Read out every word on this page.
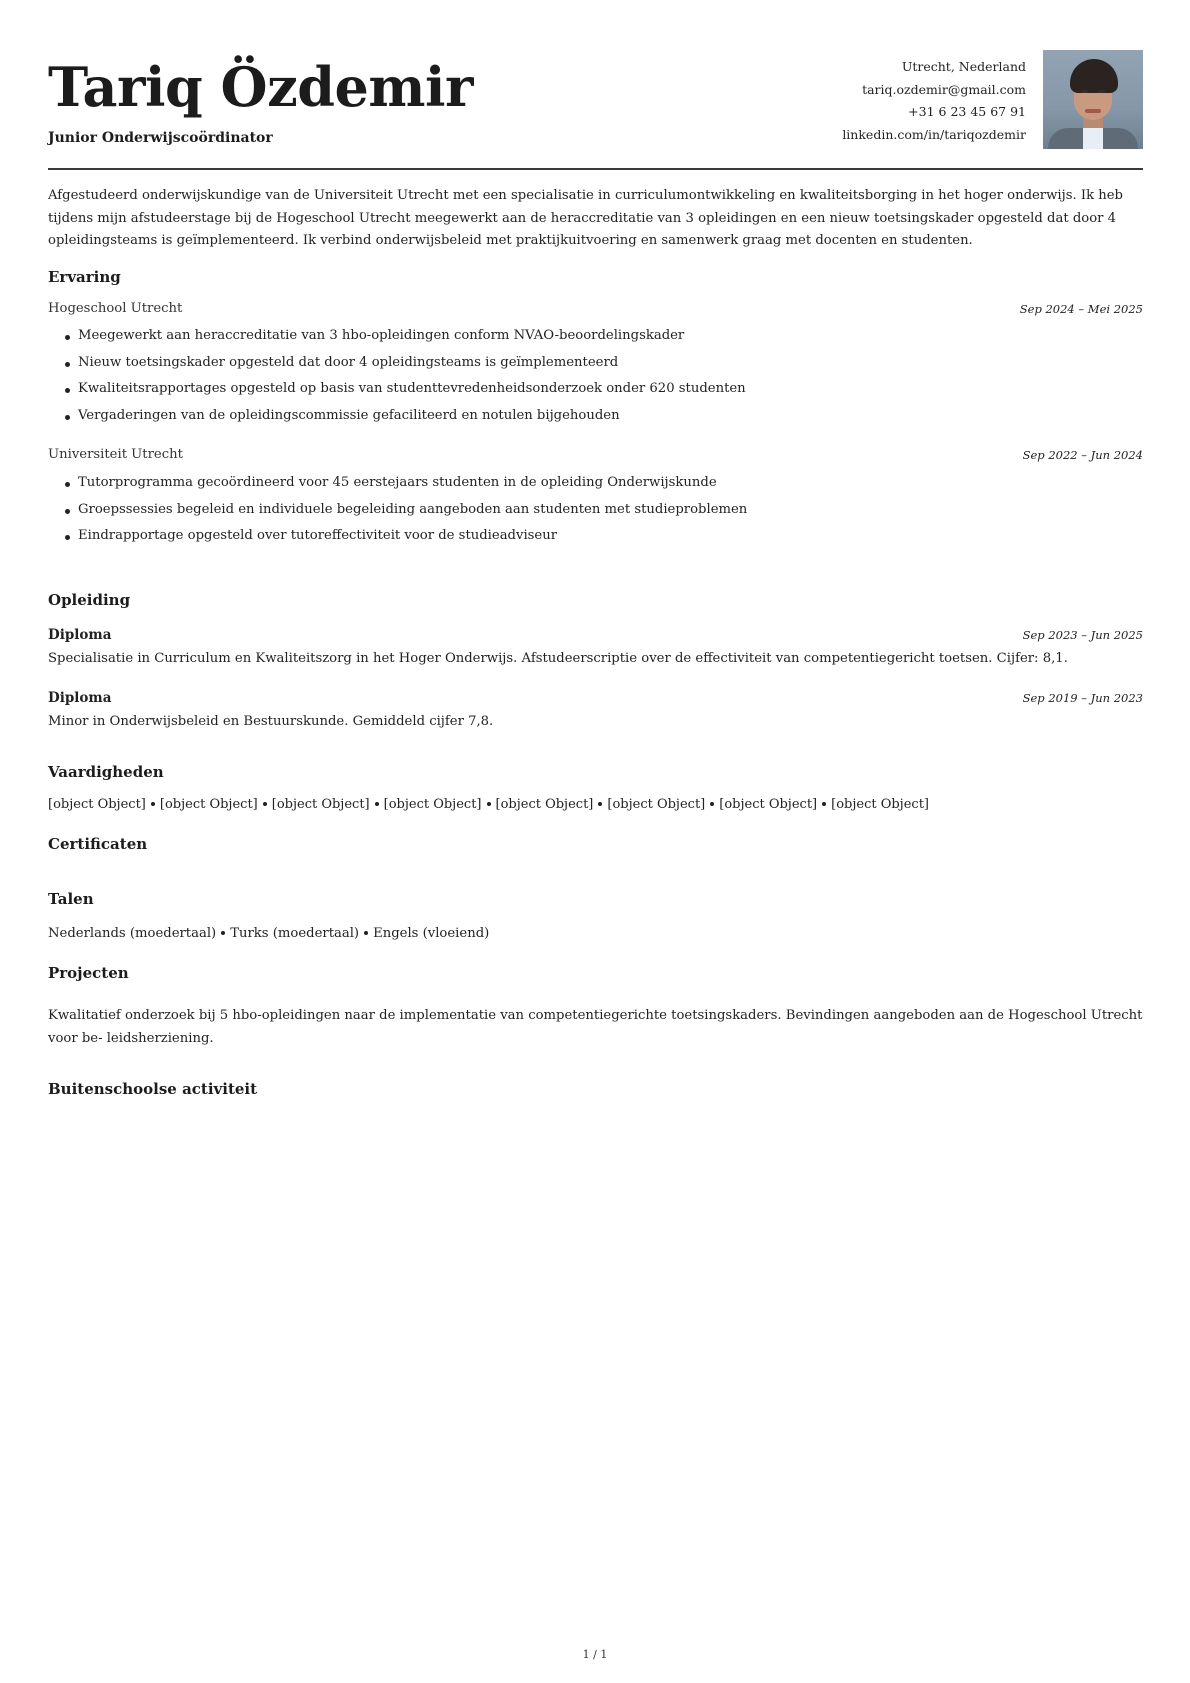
Tariq Özdemir

Junior Onderwijscoördinator

Utrecht, Nederland
tariq.ozdemir@gmail.com
+31 6 23 45 67 91
linkedin.com/in/tariqozdemir

Afgestudeerd onderwijskundige van de Universiteit Utrecht met een specialisatie in curriculumontwikkeling en kwaliteitsborging in het hoger onderwijs. Ik heb tijdens mijn afstudeerstage bij de Hogeschool Utrecht meegewerkt aan de heraccreditatie van 3 opleidingen en een nieuw toetsingskader opgesteld dat door 4 opleidingsteams is geïmplementeerd. Ik verbind onderwijsbeleid met praktijkuitvoering en samenwerk graag met docenten en studenten.

Ervaring
Hogeschool Utrecht	Sep 2024 – Mei 2025
Meegewerkt aan heraccreditatie van 3 hbo-opleidingen conform NVAO-beoordelingskader
Nieuw toetsingskader opgesteld dat door 4 opleidingsteams is geïmplementeerd
Kwaliteitsrapportages opgesteld op basis van studenttevredenheidsonderzoek onder 620 studenten
Vergaderingen van de opleidingscommissie gefaciliteerd en notulen bijgehouden
Universiteit Utrecht	Sep 2022 – Jun 2024
Tutorprogramma gecoördineerd voor 45 eerstejaars studenten in de opleiding Onderwijskunde
Groepssessies begeleid en individuele begeleiding aangeboden aan studenten met studieproblemen
Eindrapportage opgesteld over tutoreffectiviteit voor de studieadviseur
Opleiding
Diploma	Sep 2023 – Jun 2025
Specialisatie in Curriculum en Kwaliteitszorg in het Hoger Onderwijs. Afstudeerscriptie over de effectiviteit van competentiegericht toetsen. Cijfer: 8,1.
Diploma	Sep 2019 – Jun 2023
Minor in Onderwijsbeleid en Bestuurskunde. Gemiddeld cijfer 7,8.
Vaardigheden
[object Object] [object Object] [object Object] [object Object] [object Object] [object Object] [object Object] [object Object]
Certificaten
Talen
Nederlands (moedertaal) Turks (moedertaal) Engels (vloeiend)
Projecten
Kwalitatief onderzoek bij 5 hbo-opleidingen naar de implementatie van competentiegerichte toetsingskaders. Bevindingen aangeboden aan de Hogeschool Utrecht voor be- leidsherziening.
Buitenschoolse activiteit
1 / 1
